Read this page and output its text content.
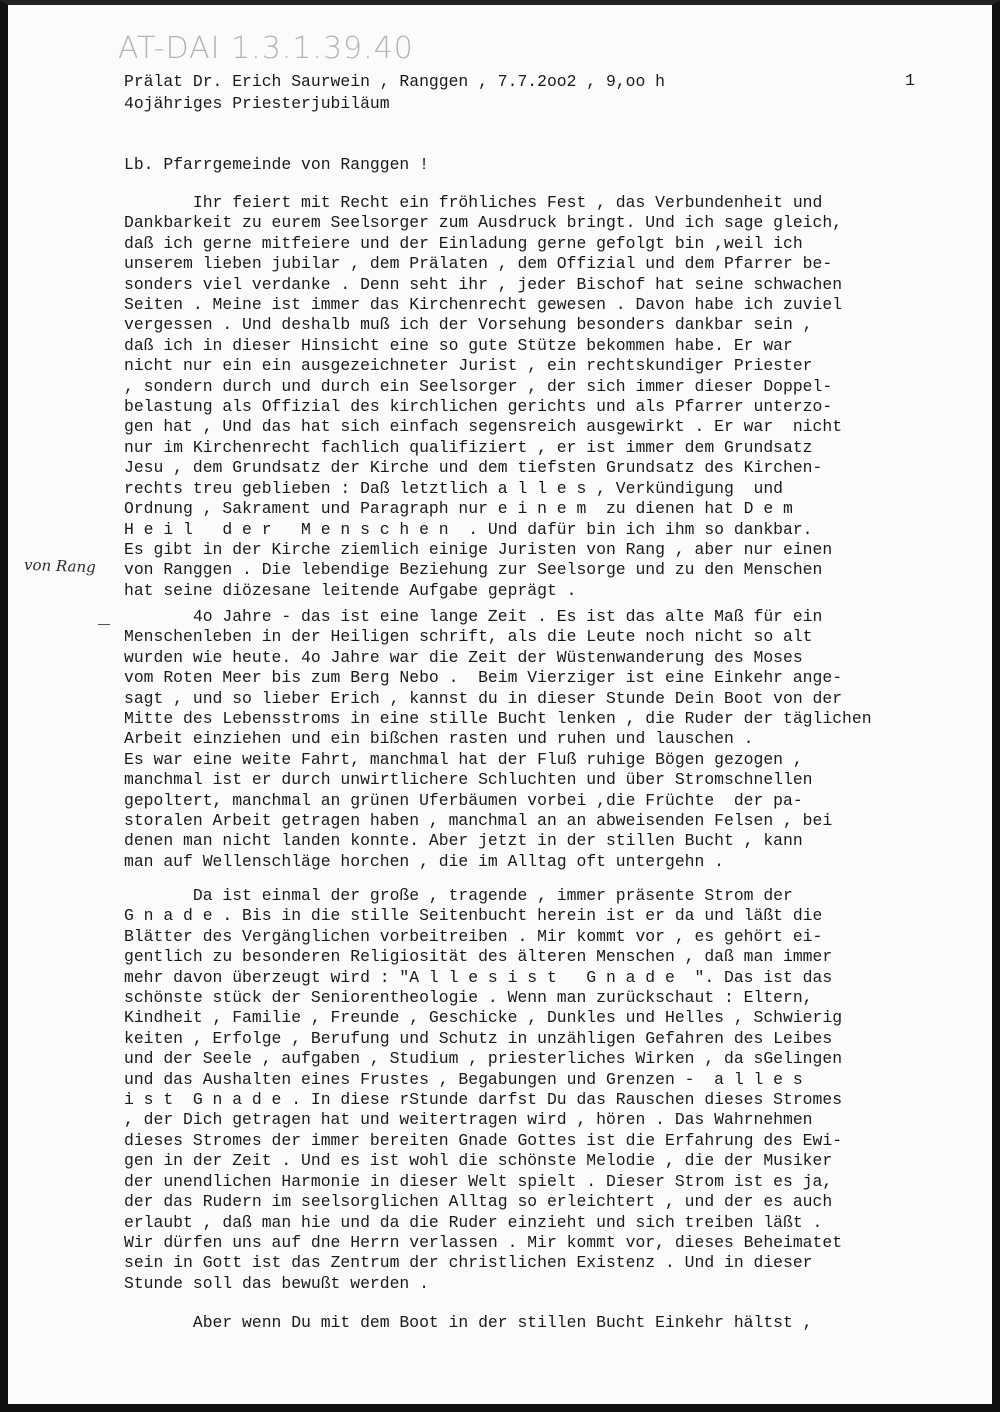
AT-DAI 1.3.1.39.40
Prälat Dr. Erich Saurwein , Ranggen , 7.7.2oo2 , 9,oo h
4ojähriges Priesterjubiläum
1
Lb. Pfarrgemeinde von Ranggen !
Ihr feiert mit Recht ein fröhliches Fest , das Verbundenheit und
Dankbarkeit zu eurem Seelsorger zum Ausdruck bringt. Und ich sage gleich,
daß ich gerne mitfeiere und der Einladung gerne gefolgt bin ,weil ich
unserem lieben jubilar , dem Prälaten , dem Offizial und dem Pfarrer be-
sonders viel verdanke . Denn seht ihr , jeder Bischof hat seine schwachen
Seiten . Meine ist immer das Kirchenrecht gewesen . Davon habe ich zuviel
vergessen . Und deshalb muß ich der Vorsehung besonders dankbar sein ,
daß ich in dieser Hinsicht eine so gute Stütze bekommen habe. Er war
nicht nur ein ein ausgezeichneter Jurist , ein rechtskundiger Priester
, sondern durch und durch ein Seelsorger , der sich immer dieser Doppel-
belastung als Offizial des kirchlichen gerichts und als Pfarrer unterzo-
gen hat , Und das hat sich einfach segensreich ausgewirkt . Er war  nicht
nur im Kirchenrecht fachlich qualifiziert , er ist immer dem Grundsatz
Jesu , dem Grundsatz der Kirche und dem tiefsten Grundsatz des Kirchen-
rechts treu geblieben : Daß letztlich a l l e s , Verkündigung  und
Ordnung , Sakrament und Paragraph nur e i n e m  zu dienen hat D e m
H e i l   d e r   M e n s c h e n  . Und dafür bin ich ihm so dankbar.
Es gibt in der Kirche ziemlich einige Juristen von Rang , aber nur einen
von Ranggen . Die lebendige Beziehung zur Seelsorge und zu den Menschen
hat seine diözesane leitende Aufgabe geprägt .
von Rang
4o Jahre - das ist eine lange Zeit . Es ist das alte Maß für ein
Menschenleben in der Heiligen schrift, als die Leute noch nicht so alt
wurden wie heute. 4o Jahre war die Zeit der Wüstenwanderung des Moses
vom Roten Meer bis zum Berg Nebo .  Beim Vierziger ist eine Einkehr ange-
sagt , und so lieber Erich , kannst du in dieser Stunde Dein Boot von der
Mitte des Lebensstroms in eine stille Bucht lenken , die Ruder der täglichen
Arbeit einziehen und ein bißchen rasten und ruhen und lauschen .
Es war eine weite Fahrt, manchmal hat der Fluß ruhige Bögen gezogen ,
manchmal ist er durch unwirtlichere Schluchten und über Stromschnellen
gepoltert, manchmal an grünen Uferbäumen vorbei ,die Früchte  der pa-
storalen Arbeit getragen haben , manchmal an an abweisenden Felsen , bei
denen man nicht landen konnte. Aber jetzt in der stillen Bucht , kann
man auf Wellenschläge horchen , die im Alltag oft untergehn .
Da ist einmal der große , tragende , immer präsente Strom der
G n a d e . Bis in die stille Seitenbucht herein ist er da und läßt die
Blätter des Vergänglichen vorbeitreiben . Mir kommt vor , es gehört ei-
gentlich zu besonderen Religiosität des älteren Menschen , daß man immer
mehr davon überzeugt wird : "A l l e s i s t   G n a d e  ". Das ist das
schönste stück der Seniorentheologie . Wenn man zurückschaut : Eltern,
Kindheit , Familie , Freunde , Geschicke , Dunkles und Helles , Schwierig
keiten , Erfolge , Berufung und Schutz in unzähligen Gefahren des Leibes
und der Seele , aufgaben , Studium , priesterliches Wirken , da sGelingen
und das Aushalten eines Frustes , Begabungen und Grenzen -  a l l e s
i s t  G n a d e . In diese rStunde darfst Du das Rauschen dieses Stromes
, der Dich getragen hat und weitertragen wird , hören . Das Wahrnehmen
dieses Stromes der immer bereiten Gnade Gottes ist die Erfahrung des Ewi-
gen in der Zeit . Und es ist wohl die schönste Melodie , die der Musiker
der unendlichen Harmonie in dieser Welt spielt . Dieser Strom ist es ja,
der das Rudern im seelsorglichen Alltag so erleichtert , und der es auch
erlaubt , daß man hie und da die Ruder einzieht und sich treiben läßt .
Wir dürfen uns auf dne Herrn verlassen . Mir kommt vor, dieses Beheimatet
sein in Gott ist das Zentrum der christlichen Existenz . Und in dieser
Stunde soll das bewußt werden .
Aber wenn Du mit dem Boot in der stillen Bucht Einkehr hältst ,
